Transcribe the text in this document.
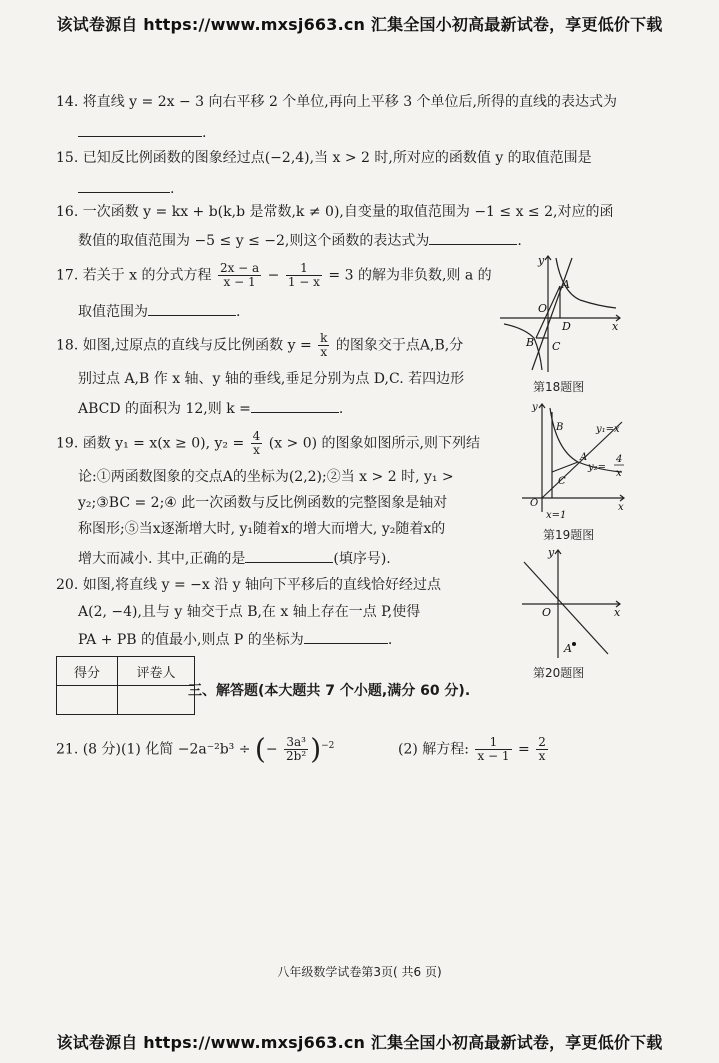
该试卷源自 https://www.mxsj663.cn 汇集全国小初高最新试卷，享更低价下载
14. 将直线 y = 2x − 3 向右平移 2 个单位,再向上平移 3 个单位后,所得的直线的表达式为
.
15. 已知反比例函数的图象经过点(−2,4),当 x > 2 时,所对应的函数值 y 的取值范围是
.
16. 一次函数 y = kx + b(k,b 是常数,k ≠ 0),自变量的取值范围为 −1 ≤ x ≤ 2,对应的函
数值的取值范围为 −5 ≤ y ≤ −2,则这个函数的表达式为	.
17. 若关于 x 的分式方程 $\frac{2x - a}{x - 1} - \frac{1}{1 - x} = 3$ 的解为非负数,则 a 的
取值范围为	.
18. 如图,过原点的直线与反比例函数 $y = \frac{k}{x}$ 的图象交于点A,B,分
别过点 A,B 作 x 轴、y 轴的垂线,垂足分别为点 D,C. 若四边形
ABCD 的面积为 12,则 k =	.
19. 函数 y₁ = x(x ≥ 0), $y_2 = \frac{4}{x} (x > 0)$ 的图象如图所示,则下列结
论:①两函数图象的交点A的坐标为(2,2);②当 x > 2 时, y₁ >
y₂;③BC = 2;④ 此一次函数与反比例函数的完整图象是轴对
称图形;⑤当x逐渐增大时, y₁随着x的增大而增大, y₂随着x的
增大而减小. 其中,正确的是	(填序号).
20. 如图,将直线 y = −x 沿 y 轴向下平移后的直线恰好经过点
A(2, −4),且与 y 轴交于点 B,在 x 轴上存在一点 P,使得
PA + PB 的值最小,则点 P 的坐标为	.
得分	评卷人

三、解答题(本大题共 7 个小题,满分 60 分).
21. (8 分)(1) 化简 −2a⁻²b³ ÷ (− $\frac{\text{3a³}}{\text{2b²}} )^{-2}$	(2) 解方程: $\frac{1}{x - 1} = \frac{2}{x}$
y
x
O
A
B C
D
第18题图
y
x
O
A
B
C
x=1
y₁=x
y₂=
4
x
第19题图
y
x
O
A
第20题图
八年级数学试卷第3页( 共6 页)
该试卷源自 https://www.mxsj663.cn 汇集全国小初高最新试卷，享更低价下载
